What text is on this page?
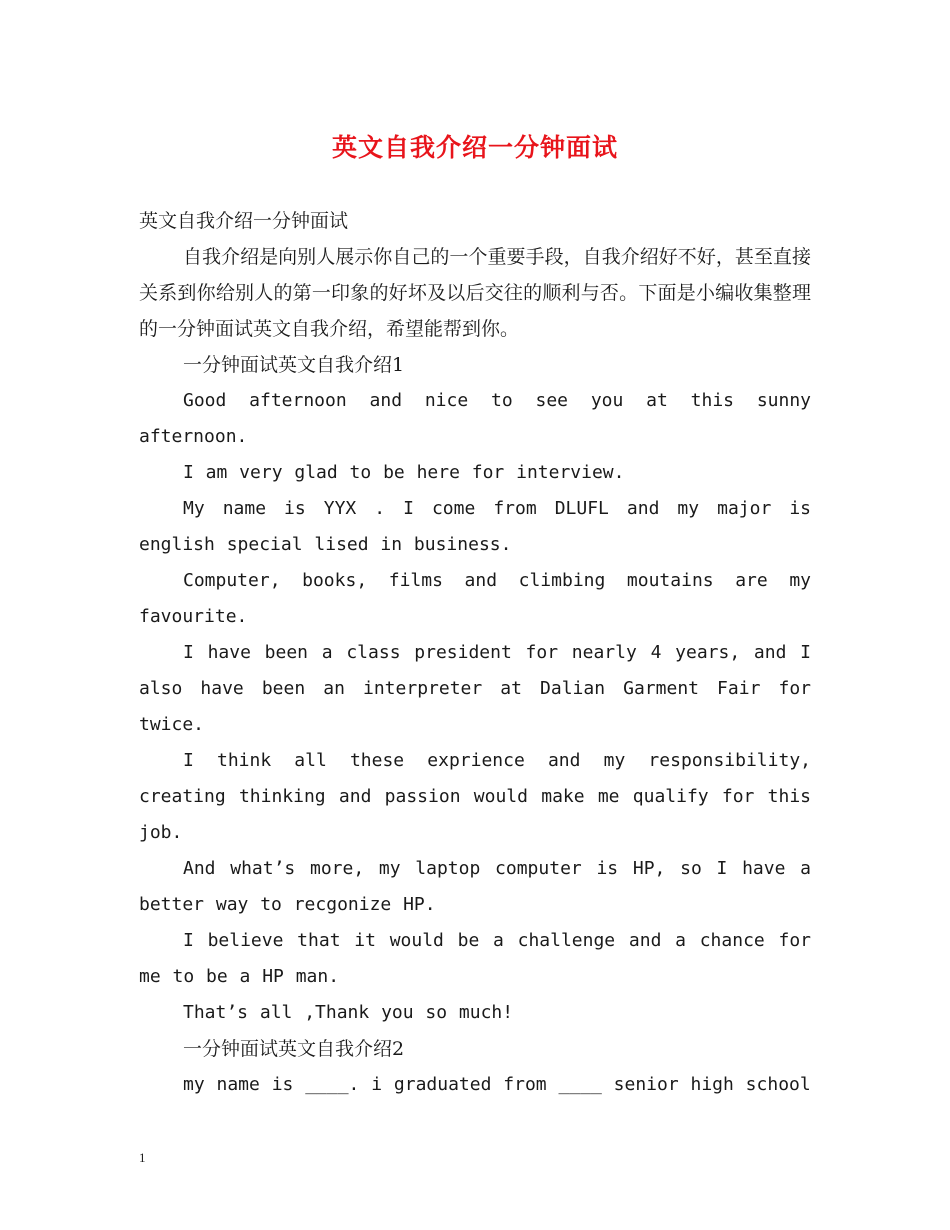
英文自我介绍一分钟面试

英文自我介绍一分钟面试

自我介绍是向别人展示你自己的一个重要手段，自我介绍好不好，甚至直接关系到你给别人的第一印象的好坏及以后交往的顺利与否。下面是小编收集整理的一分钟面试英文自我介绍，希望能帮到你。

一分钟面试英文自我介绍1

Good afternoon and nice to see you at this sunny afternoon.

I am very glad to be here for interview.

My name is YYX . I come from DLUFL and my major is english special lised in business.

Computer, books, films and climbing moutains are my favourite.

I have been a class president for nearly 4 years, and I also have been an interpreter at Dalian Garment Fair for twice.

I think all these exprience and my responsibility, creating thinking and passion would make me qualify for this job.

And what’s more, my laptop computer is HP, so I have a better way to recgonize HP.

I believe that it would be a challenge and a chance for me to be a HP man.

That’s all ,Thank you so much!

一分钟面试英文自我介绍2

my name is ____. i graduated from ____ senior high school

1
